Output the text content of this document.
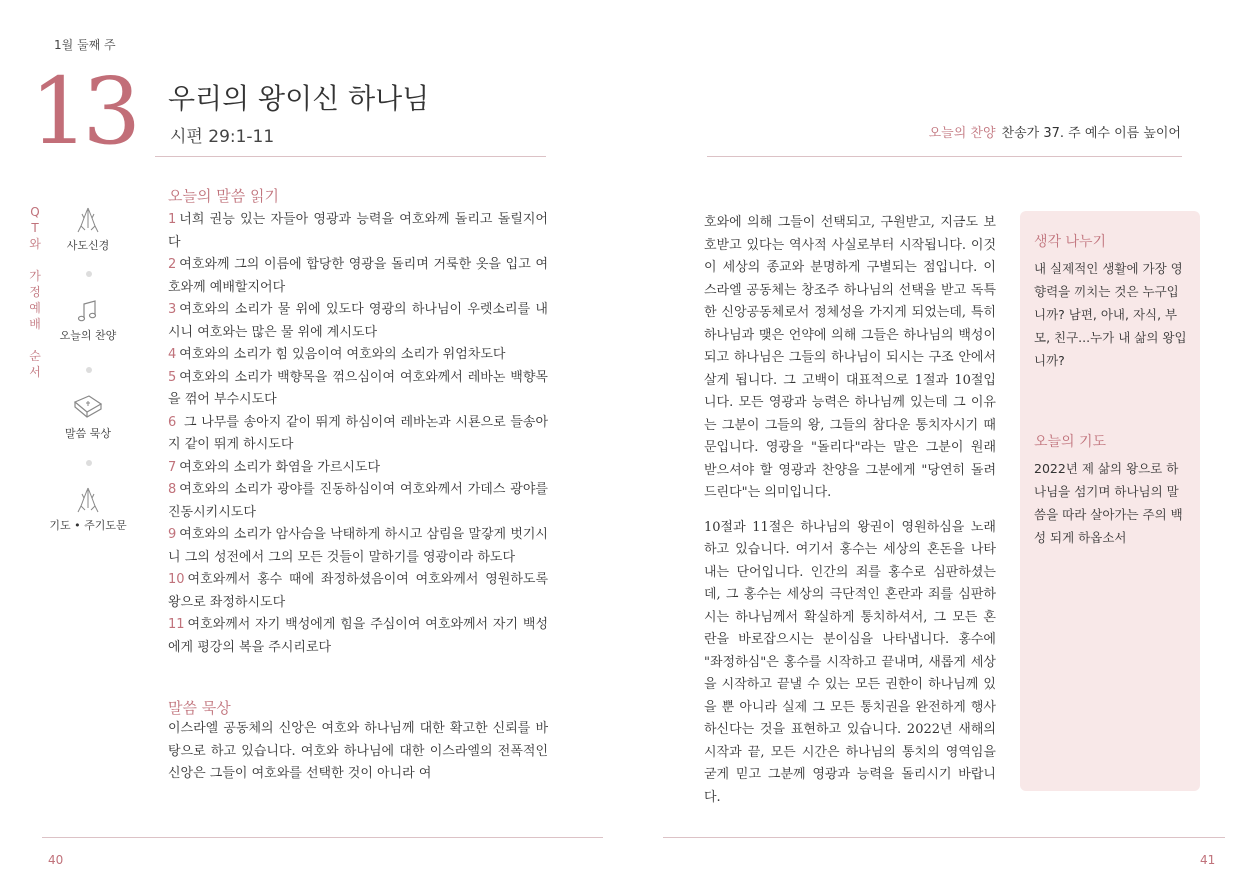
1월 둘째 주
13 우리의 왕이신 하나님
시편 29:1-11	오늘의 찬양 찬송가 37. 주 예수 이름 높이어
Q
T
와
가
정
예
배
순
서
사도신경
오늘의 찬양
말씀 묵상
기도 • 주기도문
오늘의 말씀 읽기

1 너희 권능 있는 자들아 영광과 능력을 여호와께 돌리고 돌릴지어다

2 여호와께 그의 이름에 합당한 영광을 돌리며 거룩한 옷을 입고 여호와께 예배할지어다

3 여호와의 소리가 물 위에 있도다 영광의 하나님이 우렛소리를 내시니 여호와는 많은 물 위에 계시도다

4 여호와의 소리가 힘 있음이여 여호와의 소리가 위엄차도다

5 여호와의 소리가 백향목을 꺾으심이여 여호와께서 레바논 백향목을 꺾어 부수시도다

6 그 나무를 송아지 같이 뛰게 하심이여 레바논과 시룐으로 들송아지 같이 뛰게 하시도다

7 여호와의 소리가 화염을 가르시도다

8 여호와의 소리가 광야를 진동하심이여 여호와께서 가데스 광야를 진동시키시도다

9 여호와의 소리가 암사슴을 낙태하게 하시고 삼림을 말갛게 벗기시니 그의 성전에서 그의 모든 것들이 말하기를 영광이라 하도다

10 여호와께서 홍수 때에 좌정하셨음이여 여호와께서 영원하도록 왕으로 좌정하시도다

11 여호와께서 자기 백성에게 힘을 주심이여 여호와께서 자기 백성에게 평강의 복을 주시리로다

말씀 묵상
이스라엘 공동체의 신앙은 여호와 하나님께 대한 확고한 신뢰를 바탕으로 하고 있습니다. 여호와 하나님에 대한 이스라엘의 전폭적인 신앙은 그들이 여호와를 선택한 것이 아니라 여

호와에 의해 그들이 선택되고, 구원받고, 지금도 보호받고 있다는 역사적 사실로부터 시작됩니다. 이것이 세상의 종교와 분명하게 구별되는 점입니다. 이스라엘 공동체는 창조주 하나님의 선택을 받고 독특한 신앙공동체로서 정체성을 가지게 되었는데, 특히 하나님과 맺은 언약에 의해 그들은 하나님의 백성이 되고 하나님은 그들의 하나님이 되시는 구조 안에서 살게 됩니다. 그 고백이 대표적으로 1절과 10절입니다. 모든 영광과 능력은 하나님께 있는데 그 이유는 그분이 그들의 왕, 그들의 참다운 통치자시기 때문입니다. 영광을 "돌리다"라는 말은 그분이 원래 받으셔야 할 영광과 찬양을 그분에게 "당연히 돌려 드린다"는 의미입니다.

10절과 11절은 하나님의 왕권이 영원하심을 노래하고 있습니다. 여기서 홍수는 세상의 혼돈을 나타내는 단어입니다. 인간의 죄를 홍수로 심판하셨는데, 그 홍수는 세상의 극단적인 혼란과 죄를 심판하시는 하나님께서 확실하게 통치하셔서, 그 모든 혼란을 바로잡으시는 분이심을 나타냅니다. 홍수에 "좌정하심"은 홍수를 시작하고 끝내며, 새롭게 세상을 시작하고 끝낼 수 있는 모든 권한이 하나님께 있을 뿐 아니라 실제 그 모든 통치권을 완전하게 행사하신다는 것을 표현하고 있습니다. 2022년 새해의 시작과 끝, 모든 시간은 하나님의 통치의 영역임을 굳게 믿고 그분께 영광과 능력을 돌리시기 바랍니다.

생각 나누기
내 실제적인 생활에 가장 영향력을 끼치는 것은 누구입니까? 남편, 아내, 자식, 부모, 친구...누가 내 삶의 왕입니까?
오늘의 기도
2022년 제 삶의 왕으로 하나님을 섬기며 하나님의 말씀을 따라 살아가는 주의 백성 되게 하옵소서
40	41
